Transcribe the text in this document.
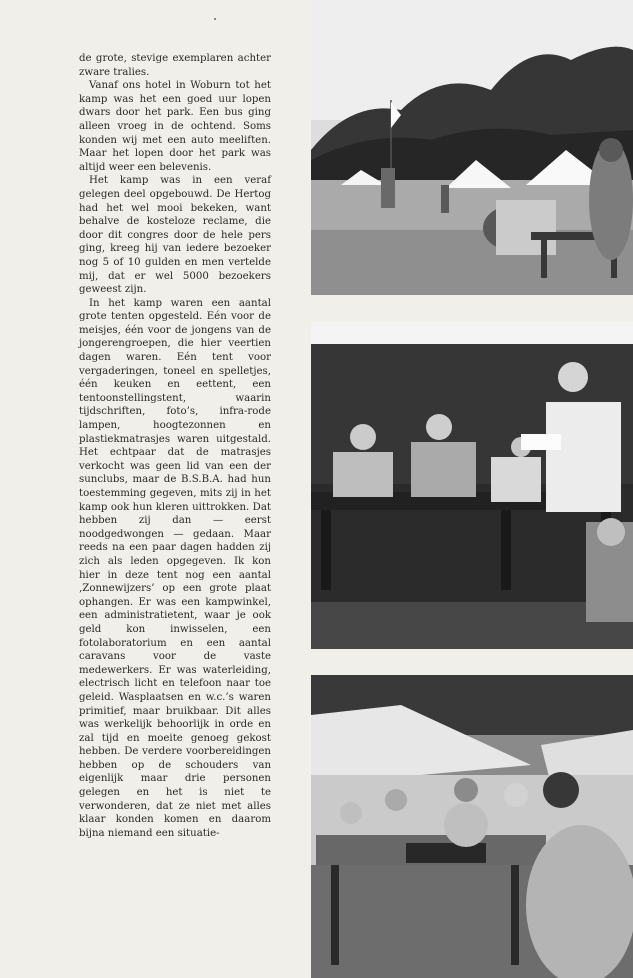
de grote, stevige exemplaren achter zware tralies.

Vanaf ons hotel in Woburn tot het kamp was het een goed uur lopen dwars door het park. Een bus ging alleen vroeg in de ochtend. Soms konden wij met een auto meeliften. Maar het lopen door het park was altijd weer een belevenis.

Het kamp was in een veraf gelegen deel opgebouwd. De Hertog had het wel mooi bekeken, want behalve de kosteloze reclame, die door dit congres door de hele pers ging, kreeg hij van iedere bezoeker nog 5 of 10 gulden en men vertelde mij, dat er wel 5000 bezoekers geweest zijn.

In het kamp waren een aantal grote tenten opgesteld. Eén voor de meisjes, één voor de jongens van de jongerengroepen, die hier veertien dagen waren. Eén tent voor vergaderingen, toneel en spelletjes, één keuken en eettent, een tentoonstellingstent, waarin tijdschriften, foto’s, infra-rode lampen, hoogtezonnen en plastiekmatrasjes waren uitgestald. Het echtpaar dat de matrasjes verkocht was geen lid van een der sunclubs, maar de B.S.B.A. had hun toestemming gegeven, mits zij in het kamp ook hun kleren uittrokken. Dat hebben zij dan — eerst noodgedwongen — gedaan. Maar reeds na een paar dagen hadden zij zich als leden opgegeven. Ik kon hier in deze tent nog een aantal ‚Zonnewijzers’ op een grote plaat ophangen. Er was een kampwinkel, een administratietent, waar je ook geld kon inwisselen, een fotolaboratorium en een aantal caravans voor de vaste medewerkers. Er was waterleiding, electrisch licht en telefoon naar toe geleid. Wasplaatsen en w.c.’s waren primitief, maar bruikbaar. Dit alles was werkelijk behoorlijk in orde en zal tijd en moeite genoeg gekost hebben. De verdere voorbereidingen hebben op de schouders van eigenlijk maar drie personen gelegen en het is niet te verwonderen, dat ze niet met alles klaar konden komen en daarom bijna niemand een situatie-
